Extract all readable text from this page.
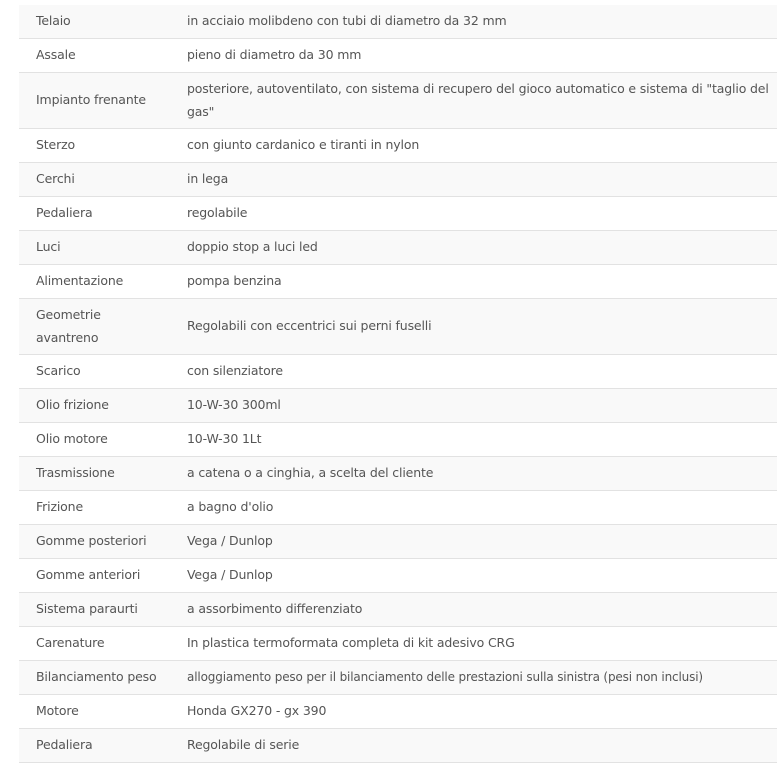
Telaio	in acciaio molibdeno con tubi di diametro da 32 mm
Assale	pieno di diametro da 30 mm
Impianto frenante	posteriore, autoventilato, con sistema di recupero del gioco automatico e sistema di "taglio del gas"
Sterzo	con giunto cardanico e tiranti in nylon
Cerchi	in lega
Pedaliera	regolabile
Luci	doppio stop a luci led
Alimentazione	pompa benzina
Geometrie avantreno	Regolabili con eccentrici sui perni fuselli
Scarico	con silenziatore
Olio frizione	10-W-30 300ml
Olio motore	10-W-30 1Lt
Trasmissione	a catena o a cinghia, a scelta del cliente
Frizione	a bagno d'olio
Gomme posteriori	Vega / Dunlop
Gomme anteriori	Vega / Dunlop
Sistema paraurti	a assorbimento differenziato
Carenature	In plastica termoformata completa di kit adesivo CRG
Bilanciamento peso	alloggiamento peso per il bilanciamento delle prestazioni sulla sinistra (pesi non inclusi)
Motore	Honda GX270 - gx 390
Pedaliera	Regolabile di serie
